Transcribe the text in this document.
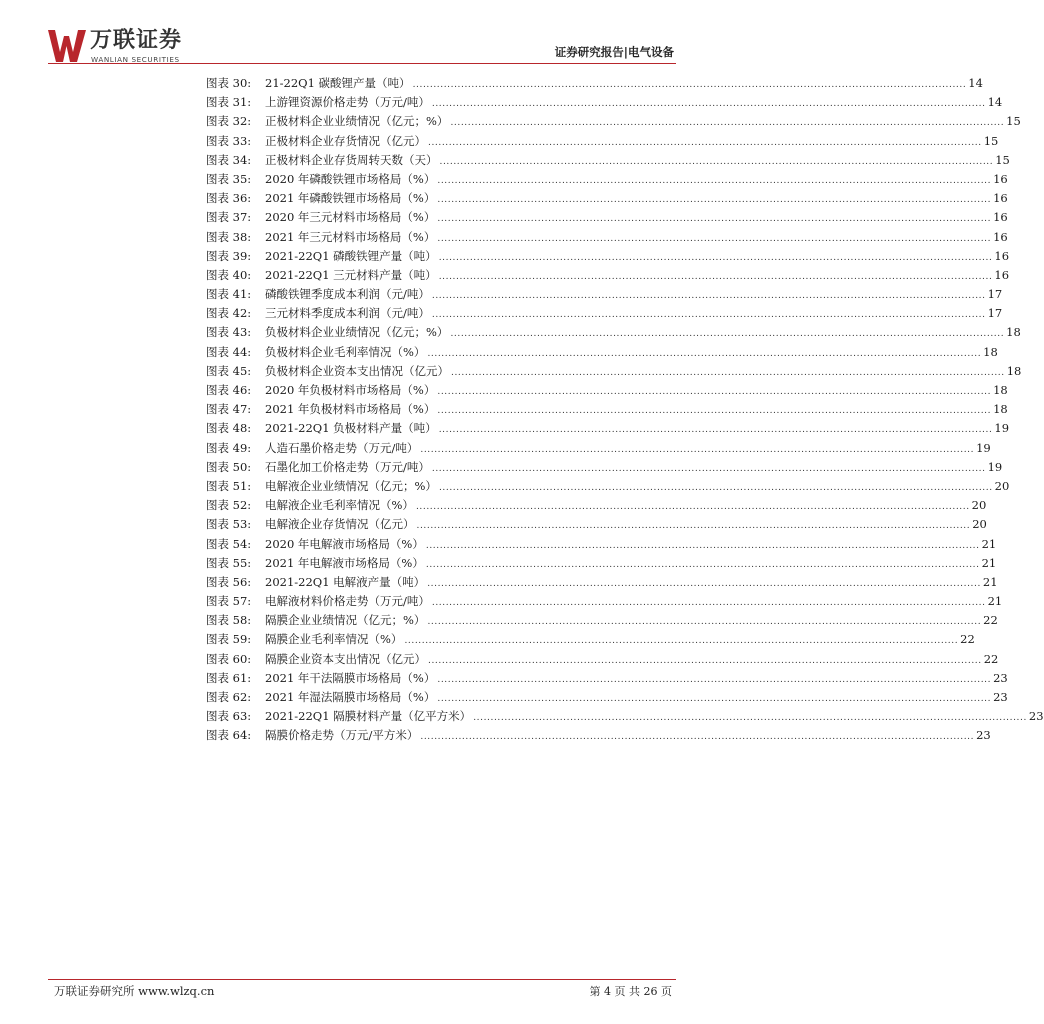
万联证券
WANLIAN SECURITIES
证券研究报告|电气设备
图表 30:	21-22Q1 碳酸锂产量（吨） ................................................................................................................................................................ 14
图表 31:	上游锂资源价格走势（万元/吨） ................................................................................................................................................................ 14
图表 32:	正极材料企业业绩情况（亿元；%） ................................................................................................................................................................ 15
图表 33:	正极材料企业存货情况（亿元） ................................................................................................................................................................ 15
图表 34:	正极材料企业存货周转天数（天） ................................................................................................................................................................ 15
图表 35:	2020 年磷酸铁锂市场格局（%） ................................................................................................................................................................ 16
图表 36:	2021 年磷酸铁锂市场格局（%） ................................................................................................................................................................ 16
图表 37:	2020 年三元材料市场格局（%） ................................................................................................................................................................ 16
图表 38:	2021 年三元材料市场格局（%） ................................................................................................................................................................ 16
图表 39:	2021-22Q1 磷酸铁锂产量（吨） ................................................................................................................................................................ 16
图表 40:	2021-22Q1 三元材料产量（吨） ................................................................................................................................................................ 16
图表 41:	磷酸铁锂季度成本利润（元/吨） ................................................................................................................................................................ 17
图表 42:	三元材料季度成本利润（元/吨） ................................................................................................................................................................ 17
图表 43:	负极材料企业业绩情况（亿元；%） ................................................................................................................................................................ 18
图表 44:	负极材料企业毛利率情况（%） ................................................................................................................................................................ 18
图表 45:	负极材料企业资本支出情况（亿元） ................................................................................................................................................................ 18
图表 46:	2020 年负极材料市场格局（%） ................................................................................................................................................................ 18
图表 47:	2021 年负极材料市场格局（%） ................................................................................................................................................................ 18
图表 48:	2021-22Q1 负极材料产量（吨） ................................................................................................................................................................ 19
图表 49:	人造石墨价格走势（万元/吨） ................................................................................................................................................................ 19
图表 50:	石墨化加工价格走势（万元/吨） ................................................................................................................................................................ 19
图表 51:	电解液企业业绩情况（亿元；%） ................................................................................................................................................................ 20
图表 52:	电解液企业毛利率情况（%） ................................................................................................................................................................ 20
图表 53:	电解液企业存货情况（亿元） ................................................................................................................................................................ 20
图表 54:	2020 年电解液市场格局（%） ................................................................................................................................................................ 21
图表 55:	2021 年电解液市场格局（%） ................................................................................................................................................................ 21
图表 56:	2021-22Q1 电解液产量（吨） ................................................................................................................................................................ 21
图表 57:	电解液材料价格走势（万元/吨） ................................................................................................................................................................ 21
图表 58:	隔膜企业业绩情况（亿元；%） ................................................................................................................................................................ 22
图表 59:	隔膜企业毛利率情况（%） ................................................................................................................................................................ 22
图表 60:	隔膜企业资本支出情况（亿元） ................................................................................................................................................................ 22
图表 61:	2021 年干法隔膜市场格局（%） ................................................................................................................................................................ 23
图表 62:	2021 年湿法隔膜市场格局（%） ................................................................................................................................................................ 23
图表 63:	2021-22Q1 隔膜材料产量（亿平方米） ................................................................................................................................................................ 23
图表 64:	隔膜价格走势（万元/平方米） ................................................................................................................................................................ 23
万联证券研究所 www.wlzq.cn	第 4 页 共 26 页
